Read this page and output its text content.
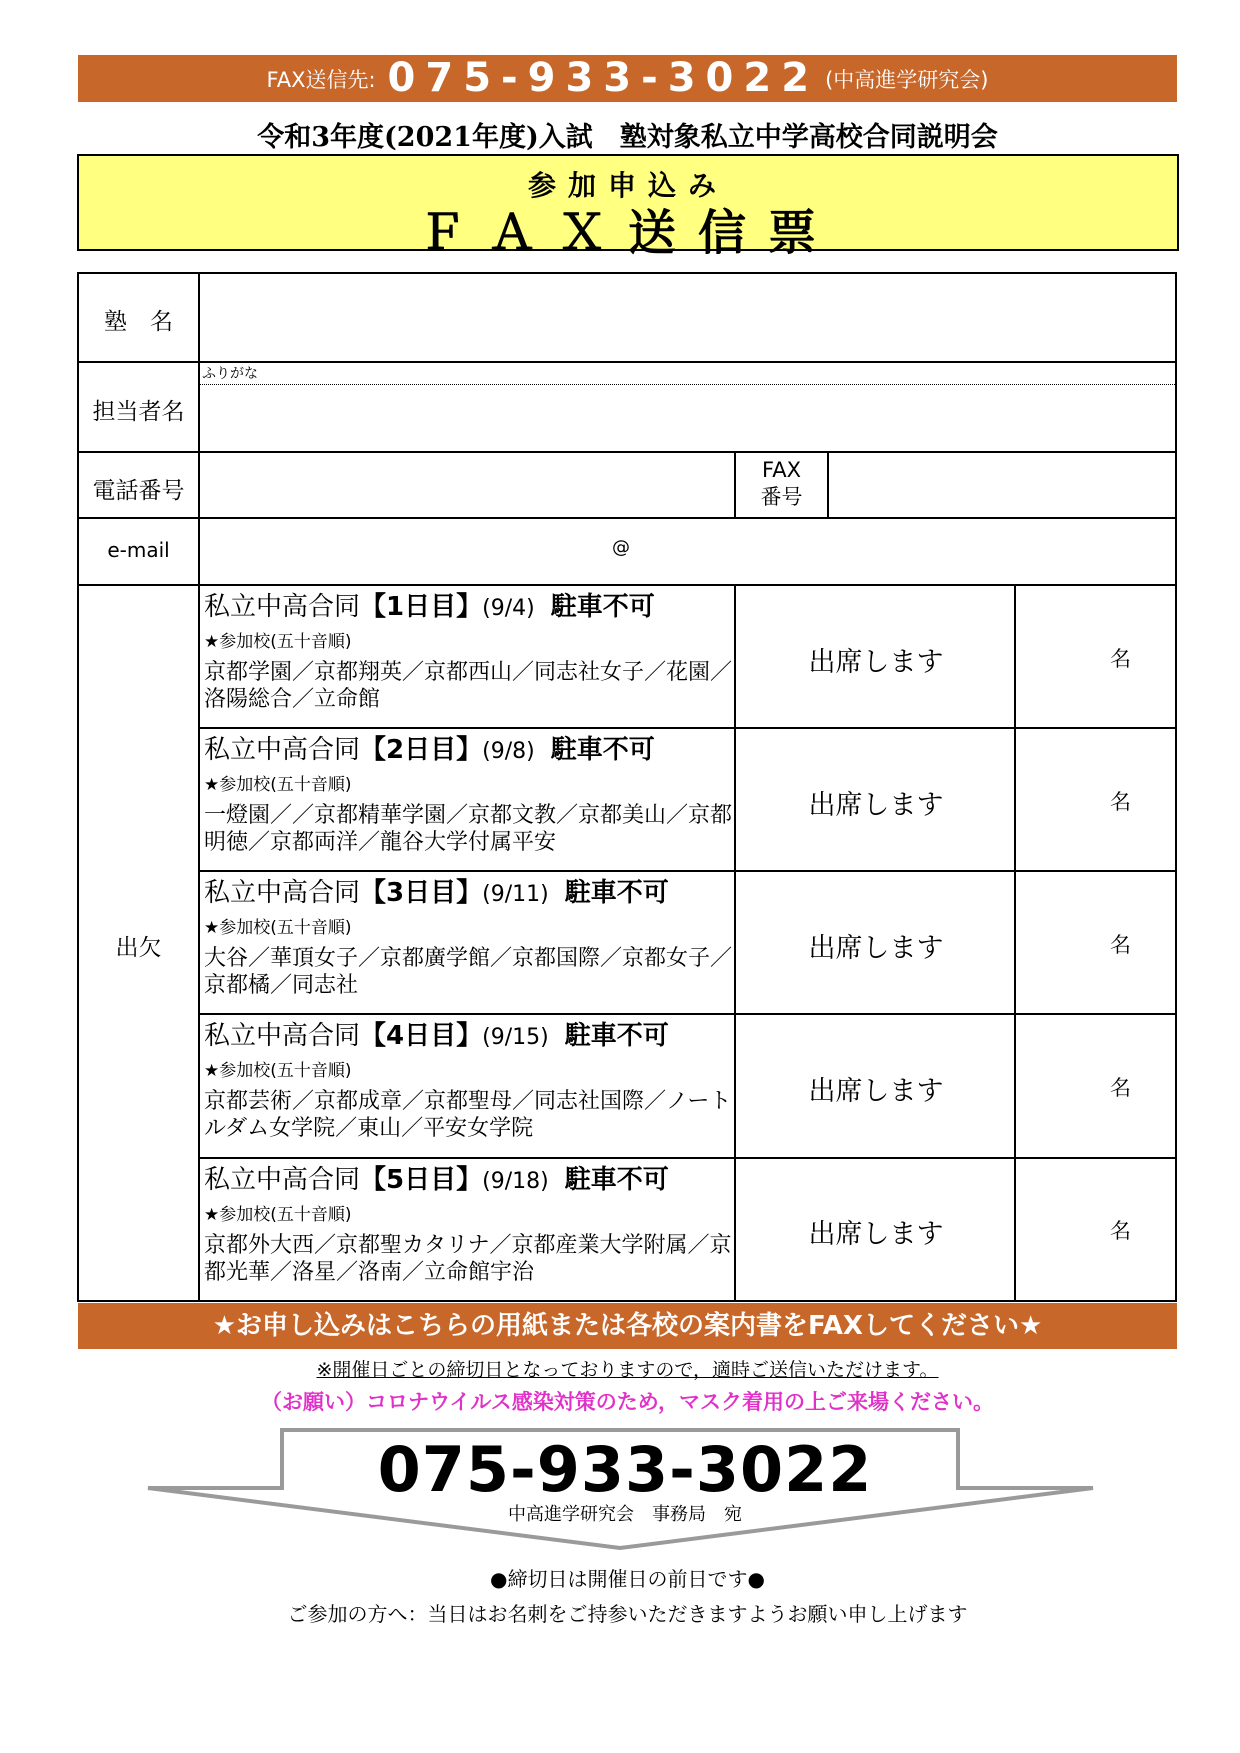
FAX送信先: 075-933-3022 (中高進学研究会)
令和3年度(2021年度)入試　塾対象私立中学高校合同説明会
参加申込み
ＦＡＸ送信票
塾　名
担当者名
ふりがな
電話番号
FAX
番号
e-mail	@
出欠
私立中高合同【1日目】(9/4) 駐車不可
★参加校(五十音順)
京都学園／京都翔英／京都西山／同志社女子／花園／洛陽総合／立命館
出席します	名
私立中高合同【2日目】(9/8) 駐車不可
★参加校(五十音順)
一燈園／／京都精華学園／京都文教／京都美山／京都明徳／京都両洋／龍谷大学付属平安
出席します	名
私立中高合同【3日目】(9/11) 駐車不可
★参加校(五十音順)
大谷／華頂女子／京都廣学館／京都国際／京都女子／京都橘／同志社
出席します	名
私立中高合同【4日目】(9/15) 駐車不可
★参加校(五十音順)
京都芸術／京都成章／京都聖母／同志社国際／ノートルダム女学院／東山／平安女学院
出席します	名
私立中高合同【5日目】(9/18) 駐車不可
★参加校(五十音順)
京都外大西／京都聖カタリナ／京都産業大学附属／京都光華／洛星／洛南／立命館宇治
出席します	名
★お申し込みはこちらの用紙または各校の案内書をFAXしてください★
※開催日ごとの締切日となっておりますので，適時ご送信いただけます。
（お願い）コロナウイルス感染対策のため，マスク着用の上ご来場ください。
075-933-3022
中高進学研究会　事務局　宛
●締切日は開催日の前日です●
ご参加の方へ：当日はお名刺をご持参いただきますようお願い申し上げます
